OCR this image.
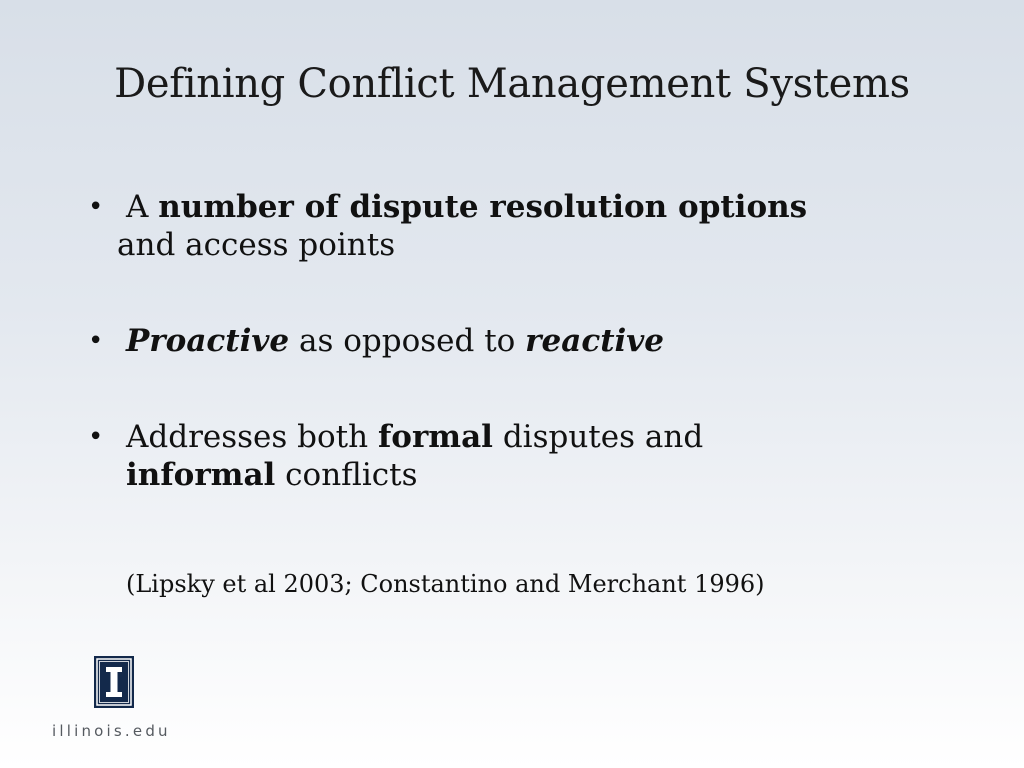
Defining Conflict Management Systems
• A number of dispute resolution options
and access points
• Proactive as opposed to reactive
• Addresses both formal disputes and
informal conflicts
(Lipsky et al 2003; Constantino and Merchant 1996)
illinois.edu
